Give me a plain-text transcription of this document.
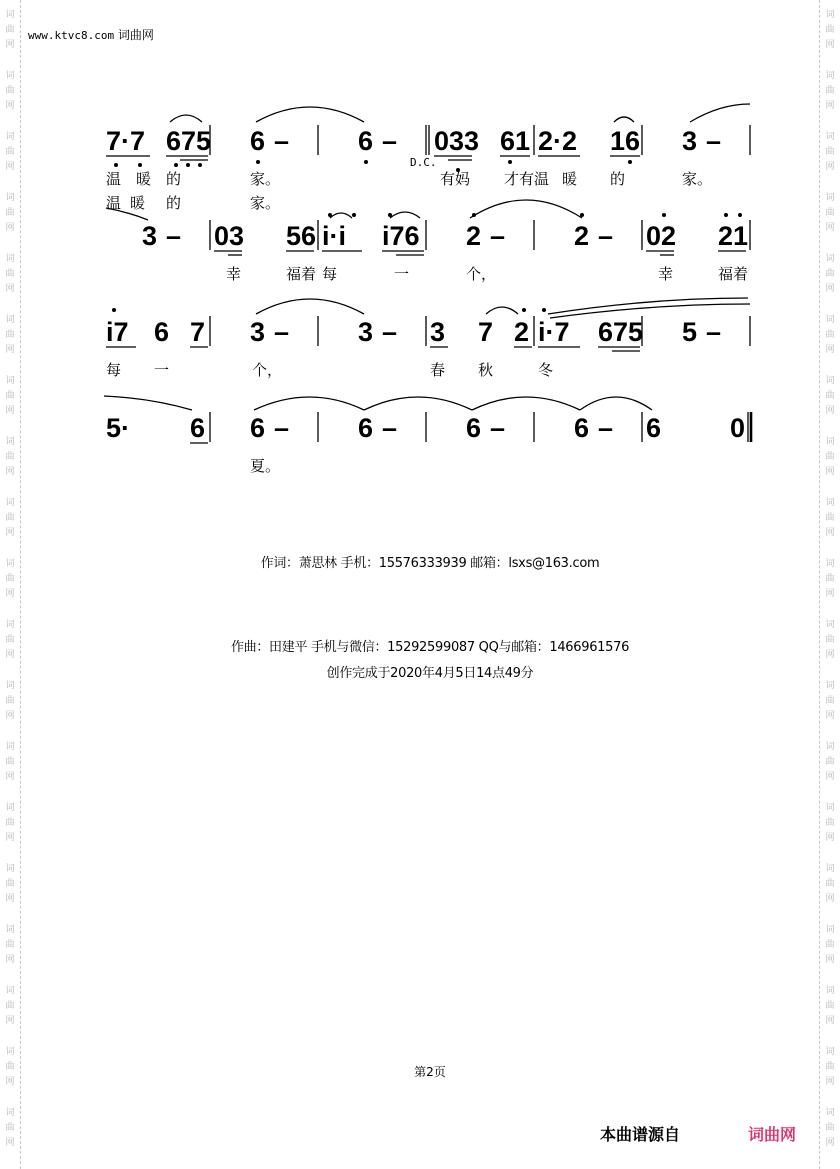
词
曲
网
词
曲
网
词
曲
网
词
曲
网
词
曲
网
词
曲
网
词
曲
网
词
曲
网
词
曲
网
词
曲
网
词
曲
网
词
曲
网
词
曲
网
词
曲
网
词
曲
网
词
曲
网
词
曲
网
词
曲
网
词
曲
网
词
曲
网
词
曲
网
词
曲
网
词
曲
网
词
曲
网
词
曲
网
词
曲
网
词
曲
网
词
曲
网
词
曲
网
词
曲
网
词
曲
网
词
曲
网
词
曲
网
词
曲
网
词
曲
网
词
曲
网
词
曲
网
词
曲
网
www.ktvc8.com 词曲网
7·7 675 6 –	6 – 033 61 2·2 16 3 –
D.C.
温 暖 的	家。	有妈 才有温 暖 的	家。
温 暖 的	家。
3 – 03 56 i·i i76 2 –	2 – 02 21
幸	福着 每	一	个，	幸	福着
i7 6 7 3 –	3 – 3 7 2 i·7 675 5 –
每 一	个，	春 秋	冬
5· 6 6 –	6 –	6 –	6 – 6	0
夏。
作词：萧思林 手机：15576333939 邮箱：lsxs@163.com
作曲：田建平 手机与微信：15292599087 QQ与邮箱：1466961576
创作完成于2020年4月5日14点49分
第2页
本曲谱源自	词曲网
